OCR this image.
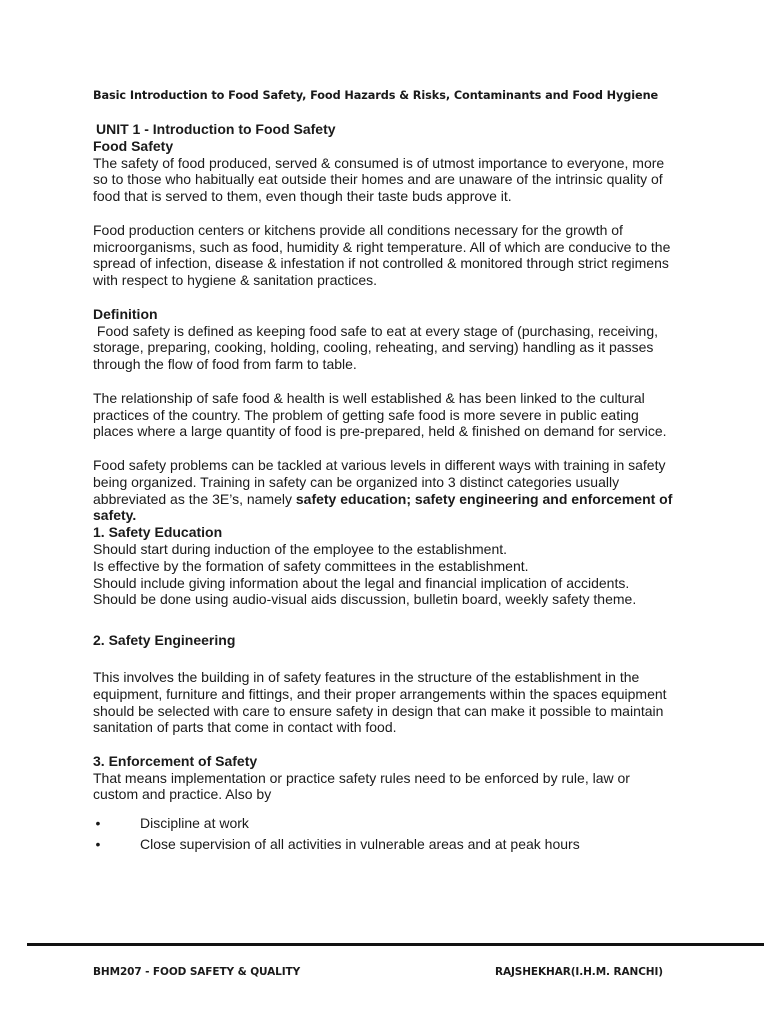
Basic Introduction to Food Safety, Food Hazards & Risks, Contaminants and Food Hygiene
UNIT 1 - Introduction to Food Safety
Food Safety

The safety of food produced, served & consumed is of utmost importance to everyone, more so to those who habitually eat outside their homes and are unaware of the intrinsic quality of food that is served to them, even though their taste buds approve it.

Food production centers or kitchens provide all conditions necessary for the growth of microorganisms, such as food, humidity & right temperature. All of which are conducive to the spread of infection, disease & infestation if not controlled & monitored through strict regimens with respect to hygiene & sanitation practices.

Definition

Food safety is defined as keeping food safe to eat at every stage of (purchasing, receiving, storage, preparing, cooking, holding, cooling, reheating, and serving) handling as it passes through the flow of food from farm to table.

The relationship of safe food & health is well established & has been linked to the cultural practices of the country. The problem of getting safe food is more severe in public eating places where a large quantity of food is pre-prepared, held & finished on demand for service.

Food safety problems can be tackled at various levels in different ways with training in safety being organized. Training in safety can be organized into 3 distinct categories usually abbreviated as the 3E’s, namely safety education; safety engineering and enforcement of safety.

1. Safety Education

Should start during induction of the employee to the establishment.

Is effective by the formation of safety committees in the establishment.

Should include giving information about the legal and financial implication of accidents.

Should be done using audio-visual aids discussion, bulletin board, weekly safety theme.

2. Safety Engineering

This involves the building in of safety features in the structure of the establishment in the equipment, furniture and fittings, and their proper arrangements within the spaces equipment should be selected with care to ensure safety in design that can make it possible to maintain sanitation of parts that come in contact with food.

3. Enforcement of Safety

That means implementation or practice safety rules need to be enforced by rule, law or custom and practice. Also by

•	Discipline at work
•	Close supervision of all activities in vulnerable areas and at peak hours
BHM207 - FOOD SAFETY & QUALITY	RAJSHEKHAR(I.H.M. RANCHI)
